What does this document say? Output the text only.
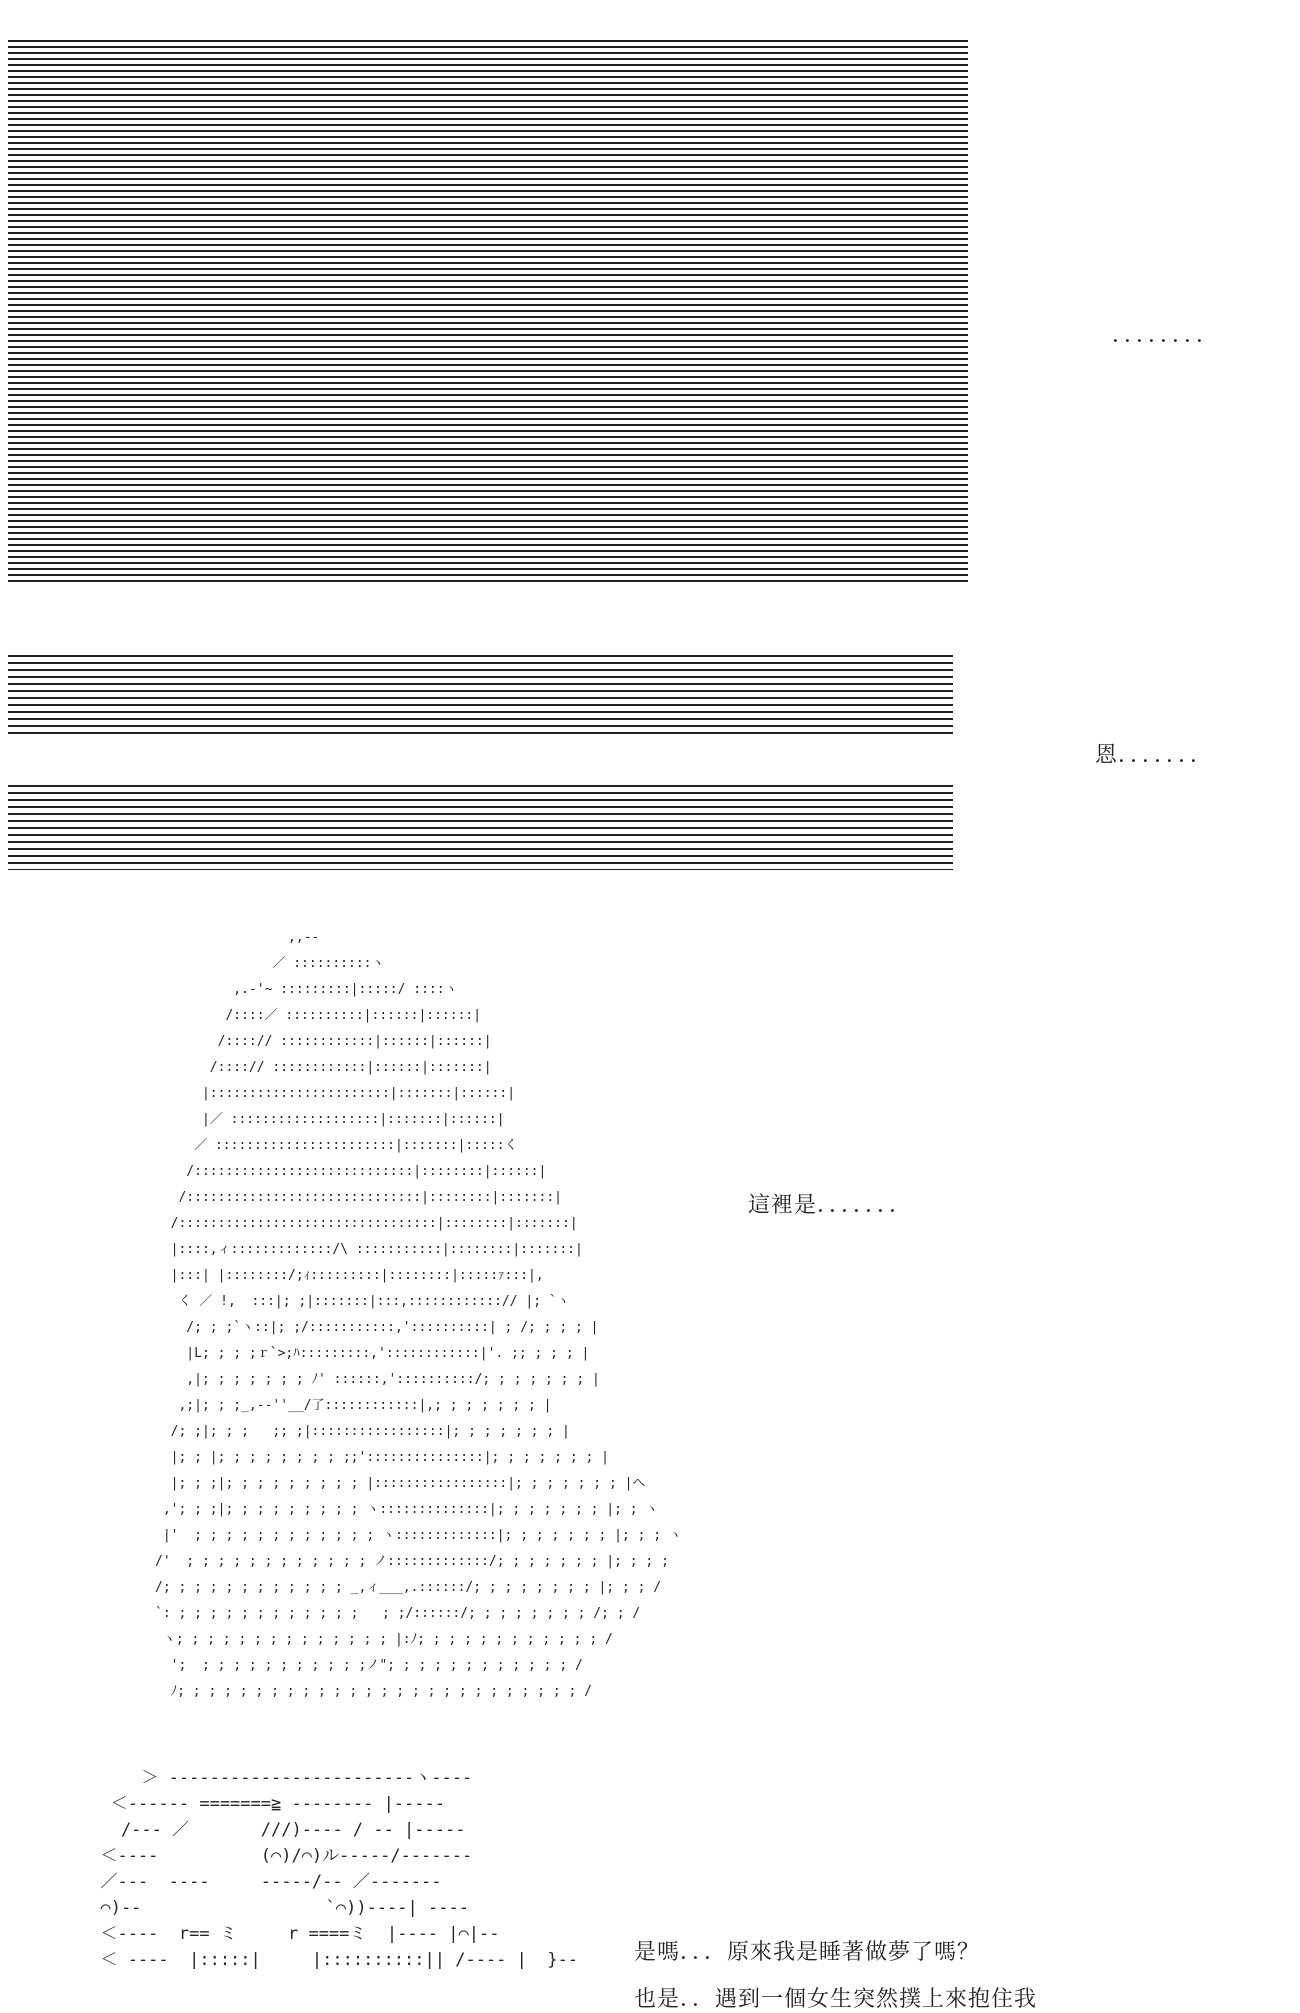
,,--
／ ::::::::::ヽ
,.-'~ :::::::::|:::::/ ::::ヽ
/::::／ ::::::::::|::::::|::::::|
/::::// ::::::::::::|::::::|::::::|
/::::// ::::::::::::|::::::|:::::::|
|:::::::::::::::::::::::|:::::::|::::::|
|／ :::::::::::::::::::|:::::::|::::::|
／ :::::::::::::::::::::::|:::::::|:::::く
/::::::::::::::::::::::::::::|::::::::|::::::|
/::::::::::::::::::::::::::::::|::::::::|:::::::|
/:::::::::::::::::::::::::::::::::|::::::::|:::::::|
|::::,ィ:::::::::::::/\ :::::::::::|::::::::|:::::::|
|:::| |::::::::/;ｨ:::::::::|::::::::|:::::ｧ:::|,
く ／ !,  :::|; ;|:::::::|:::,::::::::::::// |; `ヽ
/; ; ;`ヽ::|; ;/:::::::::::,'::::::::::| ; /; ; ; ; |
|L; ; ; ;ｒ`>;ﾊ:::::::::,'::::::::::::|'. ;; ; ; ; |
,|; ; ; ; ; ; ; ﾉ' ::::::,'::::::::::/; ; ; ; ; ; ; |
,;|; ; ;_,--''__/了::::::::::::|,; ; ; ; ; ; ; |
/; ;|; ; ;   ;; ;|:::::::::::::::::|; ; ; ; ; ; ; |
|; ; |; ; ; ; ; ; ; ; ;;':::::::::::::::|; ; ; ; ; ; ; |
|; ; ;|; ; ; ; ; ; ; ; ; |:::::::::::::::::|; ; ; ; ; ; ; |へ
,'; ; ;|; ; ; ; ; ; ; ; ; ヽ::::::::::::::|; ; ; ; ; ; ; |; ; ヽ
|'  ; ; ; ; ; ; ; ; ; ; ; ; ヽ:::::::::::::|; ; ; ; ; ; ; |; ; ; ヽ
/'  ; ; ; ; ; ; ; ; ; ; ; ; ノ:::::::::::::/; ; ; ; ; ; ; |; ; ; ;
/; ; ; ; ; ; ; ; ; ; ; ; _,ィ___,.::::::/; ; ; ; ; ; ; ; |; ; ; /
`: ; ; ; ; ; ; ; ; ; ; ; ;   ; ;/::::::/; ; ; ; ; ; ; ; /; ; /
ヽ; ; ; ; ; ; ; ; ; ; ; ; ; ; |:ﾉ; ; ; ; ; ; ; ; ; ; ; ; /
';  ; ; ; ; ; ; ; ; ; ; ;ノ"; ; ; ; ; ; ; ; ; ; ; ; /
ﾉ; ; ; ; ; ; ; ; ; ; ; ; ; ; ; ; ; ; ; ; ; ; ; ; ; ; /

＞ ------------------------ヽ----
＜------ =======≧ -------- |-----
/--- ／       ///)---- / -- |-----
＜----          (⌒)/⌒)ル-----/-------
／---  ----     -----/-- ／-------
⌒)--                  `⌒))----| ----
＜----  r== ミ     r ====ミ  |---- |⌒|--
＜ ----  |:::::|     |::::::::::|| /---- |  }--

．．．．．．．．
恩．．．．．．．
這裡是．．．．．．．
是嗎．．．原來我是睡著做夢了嗎？
也是．．遇到一個女生突然撲上來抱住我
